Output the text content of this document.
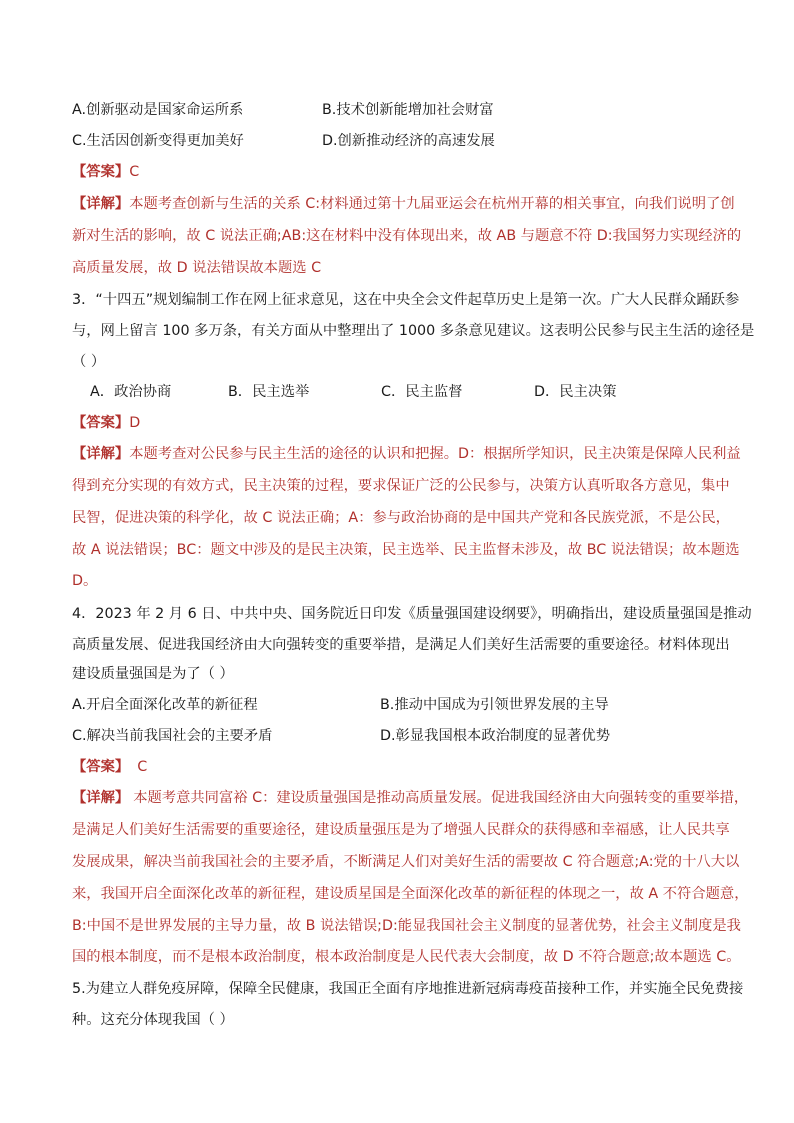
A.创新驱动是国家命运所系	B.技术创新能增加社会财富
C.生活因创新变得更加美好	D.创新推动经济的高速发展
【答案】C
【详解】本题考查创新与生活的关系 C:材料通过第十九届亚运会在杭州开幕的相关事宜，向我们说明了创
新对生活的影响，故 C 说法正确;AB:这在材料中没有体现出来，故 AB 与题意不符 D:我国努力实现经济的
高质量发展，故 D 说法错误故本题选 C
3．“十四五”规划编制工作在网上征求意见，这在中央全会文件起草历史上是第一次。广大人民群众踊跃参
与，网上留言 100 多万条，有关方面从中整理出了 1000 多条意见建议。这表明公民参与民主生活的途径是
（ ）
A．政治协商	B．民主选举	C．民主监督	D．民主决策
【答案】D
【详解】本题考查对公民参与民主生活的途径的认识和把握。D：根据所学知识，民主决策是保障人民利益
得到充分实现的有效方式，民主决策的过程，要求保证广泛的公民参与，决策方认真听取各方意见，集中
民智，促进决策的科学化，故 C 说法正确；A：参与政治协商的是中国共产党和各民族党派，不是公民，
故 A 说法错误；BC：题文中涉及的是民主决策，民主选举、民主监督未涉及，故 BC 说法错误；故本题选
D。
4．2023 年 2 月 6 日、中共中央、国务院近日印发《质量强国建设纲要》，明确指出，建设质量强国是推动
高质量发展、促进我国经济由大向强转变的重要举措，是满足人们美好生活需要的重要途径。材料体现出
建设质量强国是为了（ ）
A.开启全面深化改革的新征程	B.推动中国成为引领世界发展的主导
C.解决当前我国社会的主要矛盾	D.彰显我国根本政治制度的显著优势
【答案】 C
【详解】 本题考意共同富裕 C：建设质量强国是推动高质量发展。促进我国经济由大向强转变的重要举措，
是满足人们美好生活需要的重要途径，建设质量强压是为了增强人民群众的获得感和幸福感，让人民共享
发展成果，解决当前我国社会的主要矛盾，不断满足人们对美好生活的需要故 C 符合题意;A:党的十八大以
来，我国开启全面深化改革的新征程，建设质星国是全面深化改革的新征程的体现之一，故 A 不符合题意，
B:中国不是世界发展的主导力量，故 B 说法错误;D:能显我国社会主义制度的显著优势，社会主义制度是我
国的根本制度，而不是根本政治制度，根本政治制度是人民代表大会制度，故 D 不符合题意;故本题选 C。
5.为建立人群免疫屏障，保障全民健康，我国正全面有序地推进新冠病毒疫苗接种工作，并实施全民免费接
种。这充分体现我国（ ）
